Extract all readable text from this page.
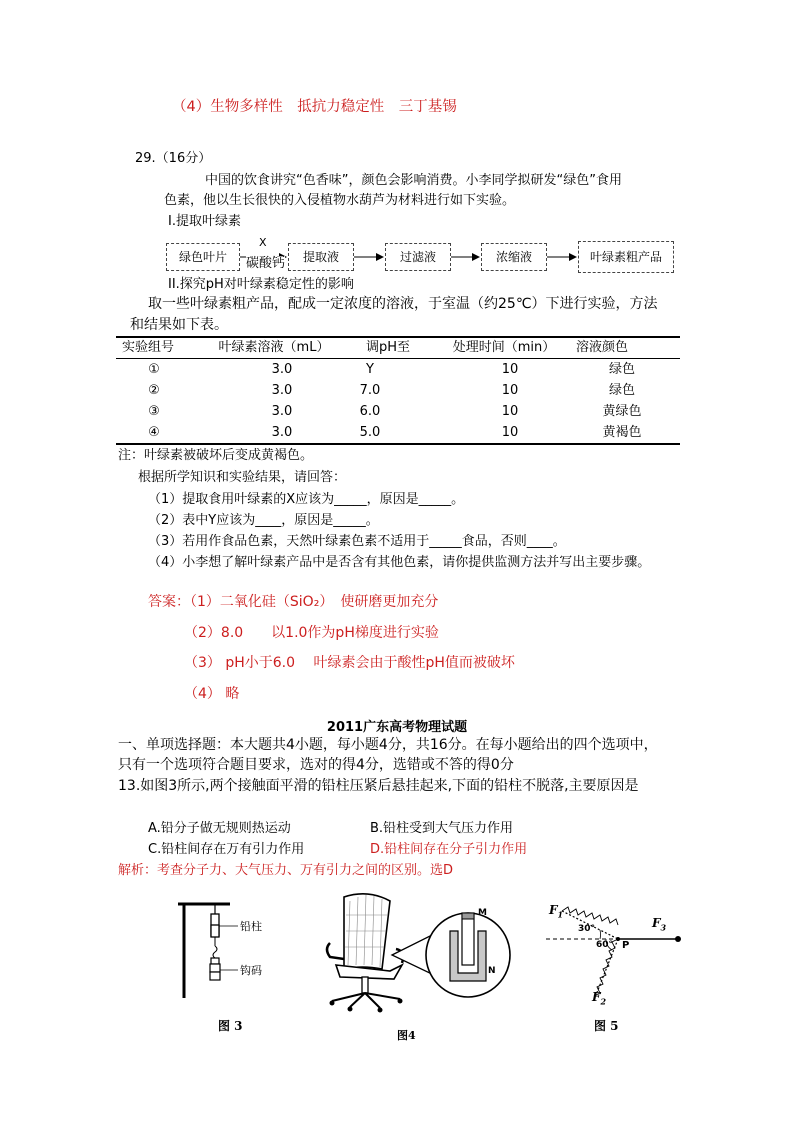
（4）生物多样性　抵抗力稳定性　三丁基锡
29.（16分）
中国的饮食讲究“色香味”，颜色会影响消费。小李同学拟研发“绿色”食用
色素，他以生长很快的入侵植物水葫芦为材料进行如下实验。
I.提取叶绿素
绿色叶片	提取液	过滤液	浓缩液	叶绿素粗产品
X
碳酸钙
II.探究pH对叶绿素稳定性的影响
取一些叶绿素粗产品，配成一定浓度的溶液，于室温（约25℃）下进行实验，方法
和结果如下表。
实验组号	叶绿素溶液（mL）	调pH至	处理时间（min）	溶液颜色
①	3.0	Y	10	绿色
②	3.0	7.0	10	绿色
③	3.0	6.0	10	黄绿色
④	3.0	5.0	10	黄褐色
注：叶绿素被破坏后变成黄褐色。
根据所学知识和实验结果，请回答：
（1）提取食用叶绿素的X应该为_____，原因是_____。
（2）表中Y应该为____，原因是_____。
（3）若用作食品色素，天然叶绿素色素不适用于_____食品，否则____。
（4）小李想了解叶绿素产品中是否含有其他色素，请你提供监测方法并写出主要步骤。
答案：（1）二氧化硅（SiO₂）　使研磨更加充分
（2）8.0　　以1.0作为pH梯度进行实验
（3） pH小于6.0　 叶绿素会由于酸性pH值而被破坏
（4） 略
2011广东高考物理试题
一、单项选择题：本大题共4小题，每小题4分，共16分。在每小题给出的四个选项中，
只有一个选项符合题目要求，选对的得4分，选错或不答的得0分
13.如图3所示,两个接触面平滑的铅柱压紧后悬挂起来,下面的铅柱不脱落,主要原因是
A.铅分子做无规则热运动	B.铅柱受到大气压力作用
C.铅柱间存在万有引力作用	D.铅柱间存在分子引力作用
解析：考查分子力、大气压力、万有引力之间的区别。选D
铅柱
钩码
图 3
M
N
图4
$F_1$
$F_3$
$F_2$
30°
60° P
图 5
